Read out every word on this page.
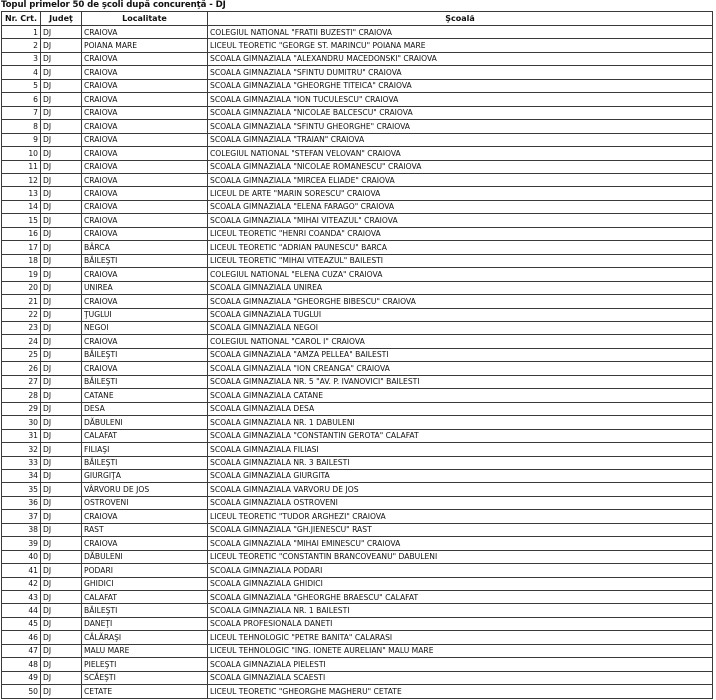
Topul primelor 50 de şcoli după concurenţă - DJ
Nr. Crt.	Judeţ	Localitate	Şcoală
1	DJ	CRAIOVA	COLEGIUL NATIONAL "FRATII BUZESTI" CRAIOVA
2	DJ	POIANA MARE	LICEUL TEORETIC "GEORGE ST. MARINCU" POIANA MARE
3	DJ	CRAIOVA	SCOALA GIMNAZIALA "ALEXANDRU MACEDONSKI" CRAIOVA
4	DJ	CRAIOVA	SCOALA GIMNAZIALA "SFINTU DUMITRU" CRAIOVA
5	DJ	CRAIOVA	SCOALA GIMNAZIALA "GHEORGHE TITEICA" CRAIOVA
6	DJ	CRAIOVA	SCOALA GIMNAZIALA "ION TUCULESCU" CRAIOVA
7	DJ	CRAIOVA	SCOALA GIMNAZIALA "NICOLAE BALCESCU" CRAIOVA
8	DJ	CRAIOVA	SCOALA GIMNAZIALA "SFINTU GHEORGHE" CRAIOVA
9	DJ	CRAIOVA	SCOALA GIMNAZIALA "TRAIAN" CRAIOVA
10	DJ	CRAIOVA	COLEGIUL NATIONAL "STEFAN VELOVAN" CRAIOVA
11	DJ	CRAIOVA	SCOALA GIMNAZIALA "NICOLAE ROMANESCU" CRAIOVA
12	DJ	CRAIOVA	SCOALA GIMNAZIALA "MIRCEA ELIADE" CRAIOVA
13	DJ	CRAIOVA	LICEUL DE ARTE "MARIN SORESCU" CRAIOVA
14	DJ	CRAIOVA	SCOALA GIMNAZIALA "ELENA FARAGO" CRAIOVA
15	DJ	CRAIOVA	SCOALA GIMNAZIALA "MIHAI VITEAZUL" CRAIOVA
16	DJ	CRAIOVA	LICEUL TEORETIC "HENRI COANDA" CRAIOVA
17	DJ	BÂRCA	LICEUL TEORETIC "ADRIAN PAUNESCU" BARCA
18	DJ	BĂILEŞTI	LICEUL TEORETIC "MIHAI VITEAZUL" BAILESTI
19	DJ	CRAIOVA	COLEGIUL NATIONAL "ELENA CUZA" CRAIOVA
20	DJ	UNIREA	SCOALA GIMNAZIALA UNIREA
21	DJ	CRAIOVA	SCOALA GIMNAZIALA "GHEORGHE BIBESCU" CRAIOVA
22	DJ	ŢUGLUI	SCOALA GIMNAZIALA TUGLUI
23	DJ	NEGOI	SCOALA GIMNAZIALA NEGOI
24	DJ	CRAIOVA	COLEGIUL NATIONAL "CAROL I" CRAIOVA
25	DJ	BĂILEŞTI	SCOALA GIMNAZIALA "AMZA PELLEA" BAILESTI
26	DJ	CRAIOVA	SCOALA GIMNAZIALA "ION CREANGA" CRAIOVA
27	DJ	BĂILEŞTI	SCOALA GIMNAZIALA NR. 5 "AV. P. IVANOVICI" BAILESTI
28	DJ	CATANE	SCOALA GIMNAZIALA CATANE
29	DJ	DESA	SCOALA GIMNAZIALA DESA
30	DJ	DĂBULENI	SCOALA GIMNAZIALA NR. 1 DABULENI
31	DJ	CALAFAT	SCOALA GIMNAZIALA "CONSTANTIN GEROTA" CALAFAT
32	DJ	FILIAŞI	SCOALA GIMNAZIALA FILIASI
33	DJ	BĂILEŞTI	SCOALA GIMNAZIALA NR. 3 BAILESTI
34	DJ	GIURGIŢA	SCOALA GIMNAZIALA GIURGITA
35	DJ	VÂRVORU DE JOS	SCOALA GIMNAZIALA VARVORU DE JOS
36	DJ	OSTROVENI	SCOALA GIMNAZIALA OSTROVENI
37	DJ	CRAIOVA	LICEUL TEORETIC "TUDOR ARGHEZI" CRAIOVA
38	DJ	RAST	SCOALA GIMNAZIALA "GH.JIENESCU" RAST
39	DJ	CRAIOVA	SCOALA GIMNAZIALA "MIHAI EMINESCU" CRAIOVA
40	DJ	DĂBULENI	LICEUL TEORETIC "CONSTANTIN BRANCOVEANU" DABULENI
41	DJ	PODARI	SCOALA GIMNAZIALA PODARI
42	DJ	GHIDICI	SCOALA GIMNAZIALA GHIDICI
43	DJ	CALAFAT	SCOALA GIMNAZIALA "GHEORGHE BRAESCU" CALAFAT
44	DJ	BĂILEŞTI	SCOALA GIMNAZIALA NR. 1 BAILESTI
45	DJ	DANEŢI	SCOALA PROFESIONALA DANETI
46	DJ	CĂLĂRAŞI	LICEUL TEHNOLOGIC "PETRE BANITA" CALARASI
47	DJ	MALU MARE	LICEUL TEHNOLOGIC "ING. IONETE AURELIAN" MALU MARE
48	DJ	PIELEŞTI	SCOALA GIMNAZIALA PIELESTI
49	DJ	SCĂEŞTI	SCOALA GIMNAZIALA SCAESTI
50	DJ	CETATE	LICEUL TEORETIC "GHEORGHE MAGHERU" CETATE
